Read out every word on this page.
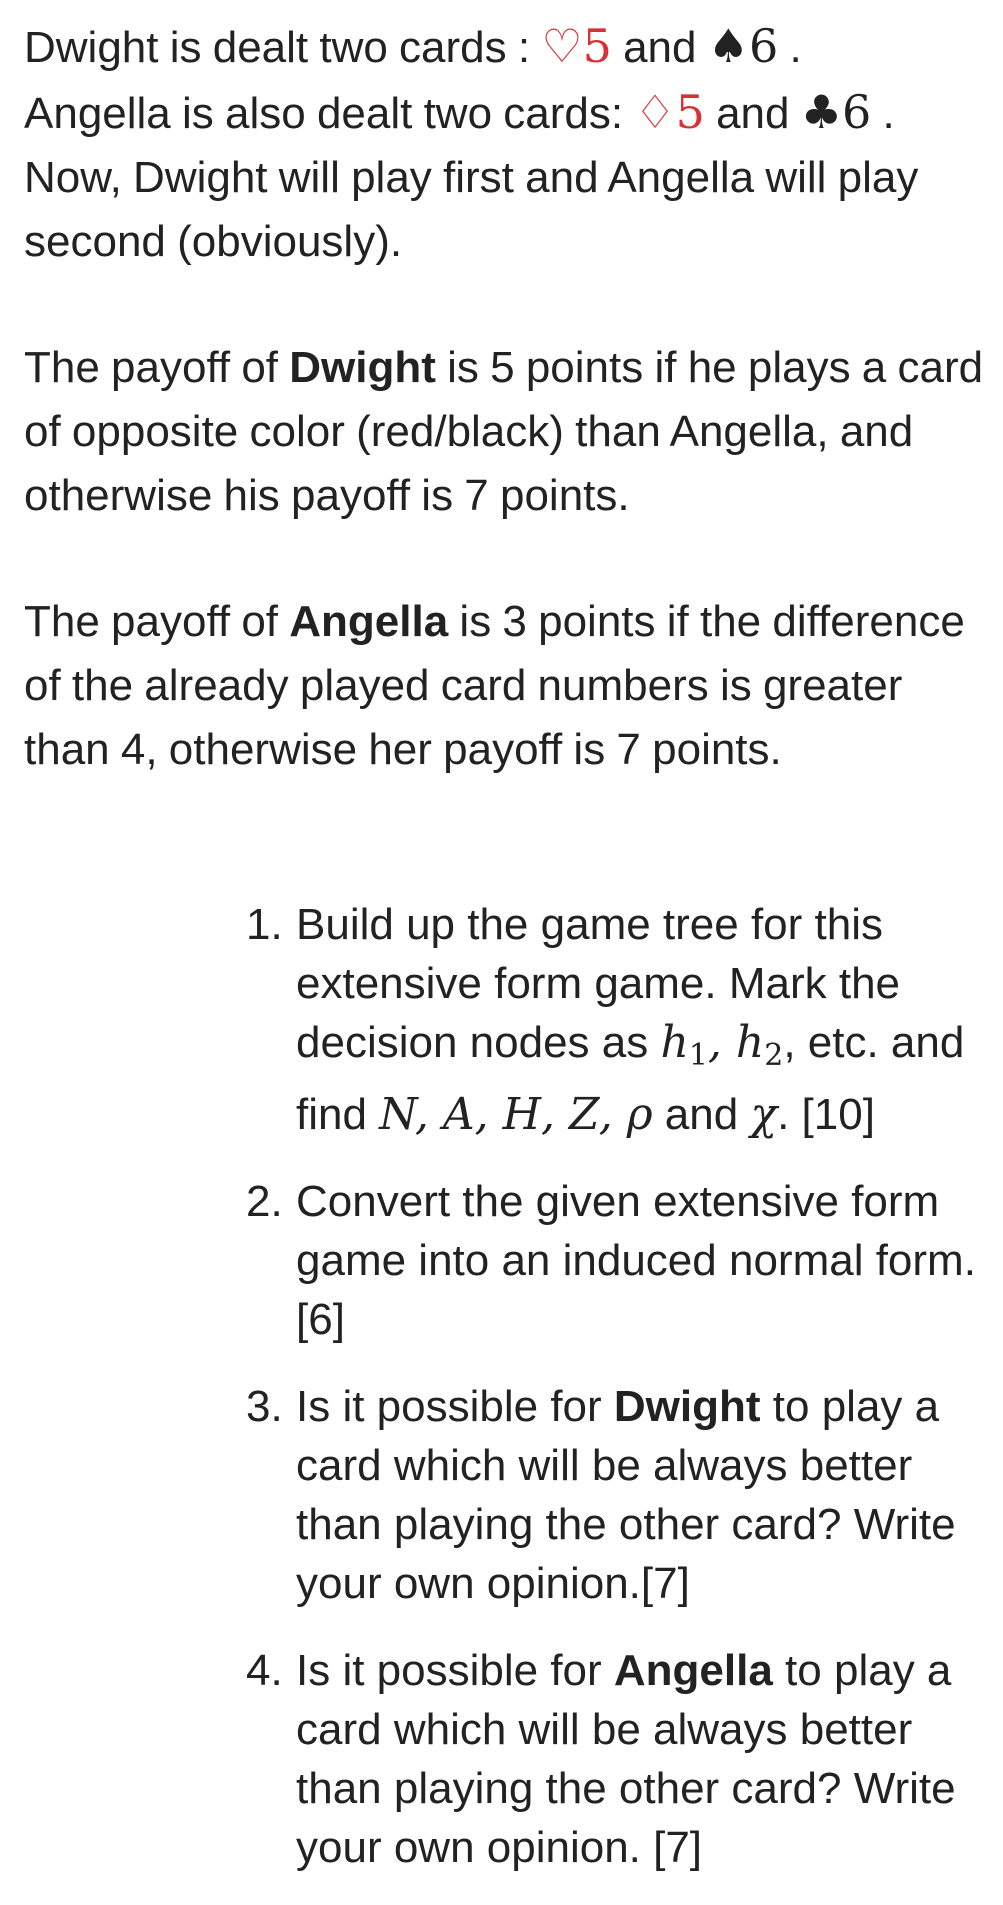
Dwight is dealt two cards : ♡5 and ♠6 .
Angella is also dealt two cards: ♢5 and ♣6 .
Now, Dwight will play first and Angella will play second (obviously).

The payoff of Dwight is 5 points if he plays a card of opposite color (red/black) than Angella, and otherwise his payoff is 7 points.

The payoff of Angella is 3 points if the difference of the already played card numbers is greater than 4, otherwise her payoff is 7 points.

1. Build up the game tree for this extensive form game. Mark the decision nodes as $h_1$, $h_2$, etc. and find N, A, H, Z, ρ and χ. [10]
2. Convert the given extensive form game into an induced normal form. [6]
3. Is it possible for Dwight to play a card which will be always better than playing the other card? Write your own opinion.[7]
4. Is it possible for Angella to play a card which will be always better than playing the other card? Write your own opinion. [7]
